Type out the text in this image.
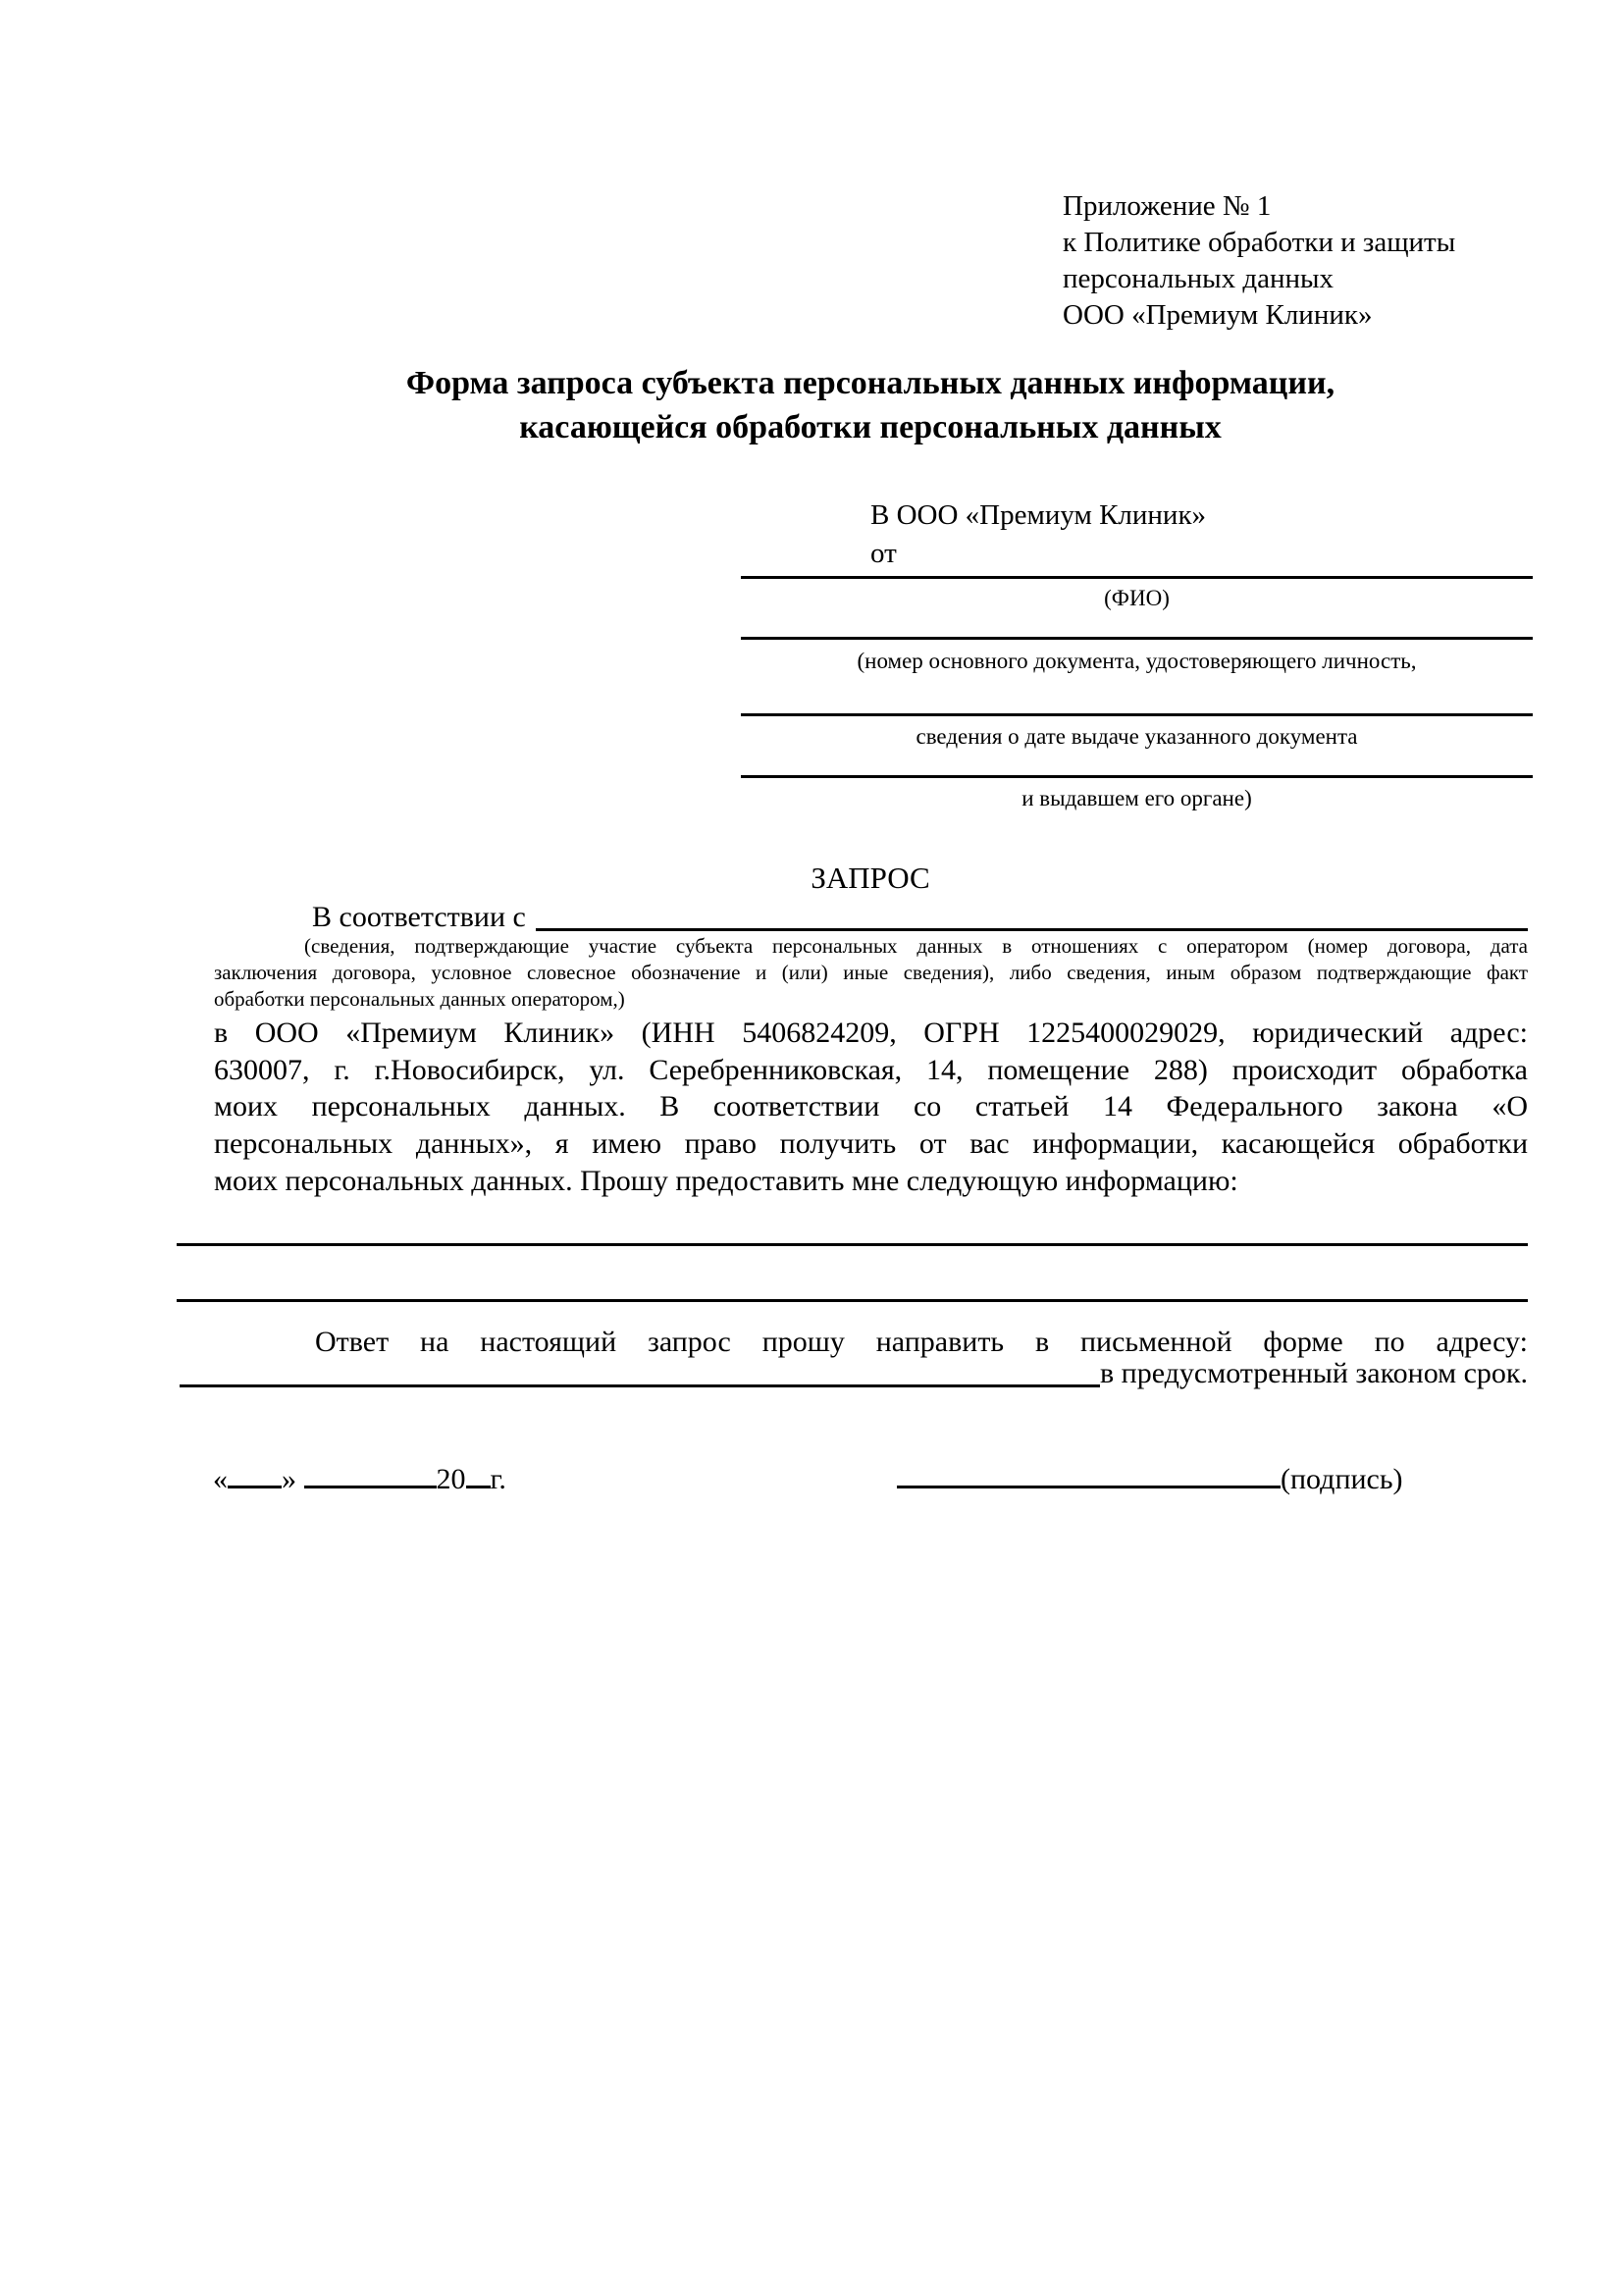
Приложение № 1
к Политике обработки и защиты
персональных данных
ООО «Премиум Клиник»
Форма запроса субъекта персональных данных информации,
касающейся обработки персональных данных
В ООО «Премиум Клиник»
от
(ФИО)
(номер основного документа, удостоверяющего личность,
сведения о дате выдаче указанного документа
и выдавшем его органе)
ЗАПРОС
В соответствии с
(сведения, подтверждающие участие субъекта персональных данных в отношениях с оператором (номер договора, дата
заключения договора, условное словесное обозначение и (или) иные сведения), либо сведения, иным образом подтверждающие факт
обработки персональных данных оператором,)
в ООО «Премиум Клиник» (ИНН 5406824209, ОГРН 1225400029029, юридический адрес:
630007, г. г.Новосибирск, ул. Серебренниковская, 14, помещение 288) происходит обработка
моих персональных данных. В соответствии со статьей 14 Федерального закона «О
персональных данных», я имею право получить от вас информации, касающейся обработки
моих персональных данных. Прошу предоставить мне следующую информацию:
Ответ на настоящий запрос прошу направить в письменной форме по адресу:
в предусмотренный законом срок.
« »	20 г.	(подпись)
